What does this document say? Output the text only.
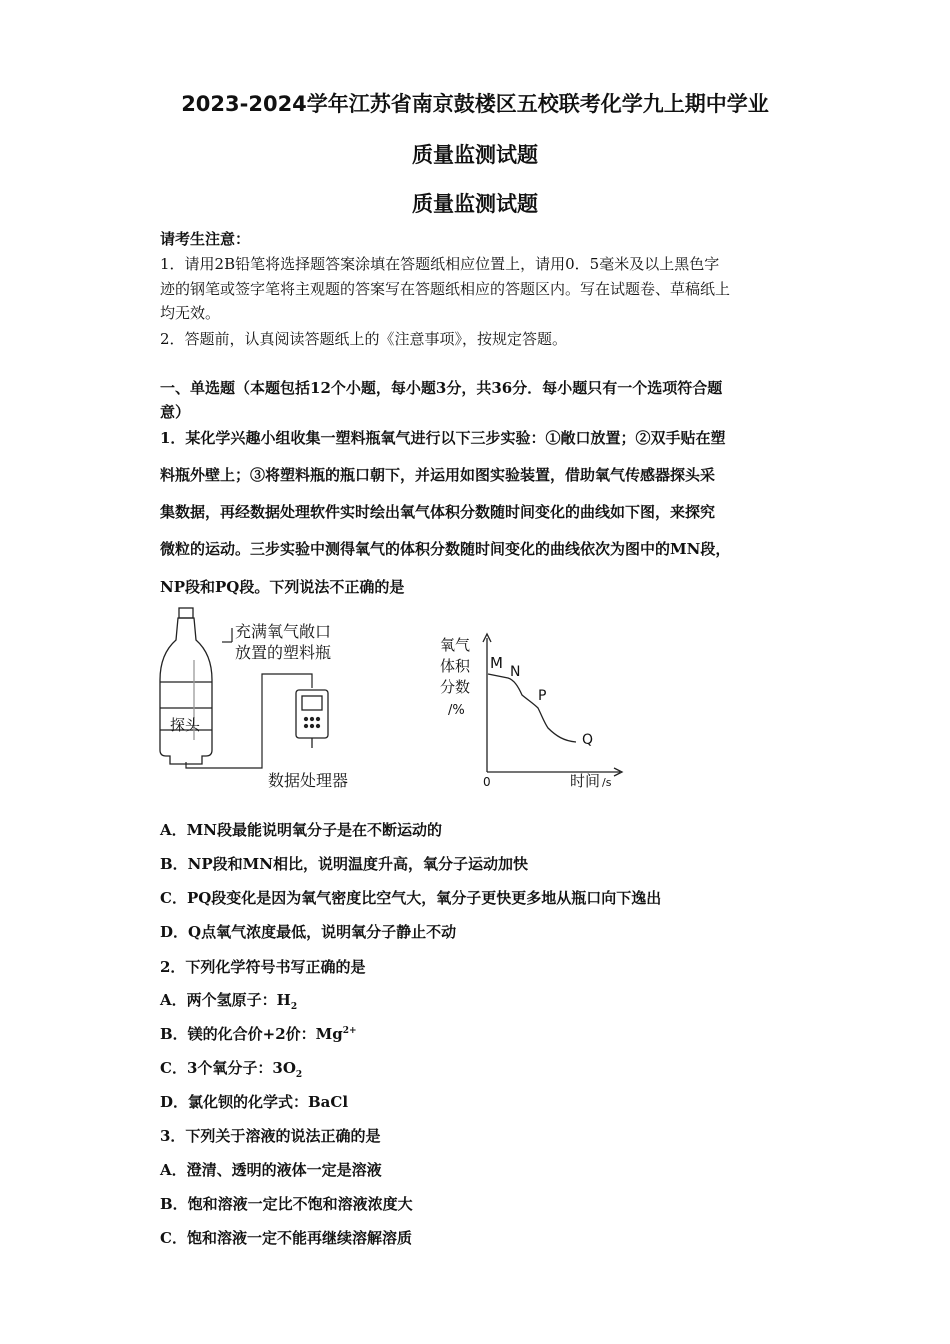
2023-2024学年江苏省南京鼓楼区五校联考化学九上期中学业
质量监测试题
质量监测试题
请考生注意：
1．请用2B铅笔将选择题答案涂填在答题纸相应位置上，请用0．5毫米及以上黑色字
迹的钢笔或签字笔将主观题的答案写在答题纸相应的答题区内。写在试题卷、草稿纸上
均无效。
2．答题前，认真阅读答题纸上的《注意事项》，按规定答题。
一、单选题（本题包括12个小题，每小题3分，共36分．每小题只有一个选项符合题
意）
1．某化学兴趣小组收集一塑料瓶氧气进行以下三步实验：①敞口放置；②双手贴在塑
料瓶外壁上；③将塑料瓶的瓶口朝下，并运用如图实验装置，借助氧气传感器探头采
集数据，再经数据处理软件实时绘出氧气体积分数随时间变化的曲线如下图，来探究
微粒的运动。三步实验中测得氧气的体积分数随时间变化的曲线依次为图中的MN段，
NP段和PQ段。下列说法不正确的是
充满氧气敞口
放置的塑料瓶
探头
数据处理器
氧气
体积
分数
/%
0	时间 /s
M N
P
Q
A．MN段最能说明氧分子是在不断运动的
B．NP段和MN相比，说明温度升高，氧分子运动加快
C．PQ段变化是因为氧气密度比空气大，氧分子更快更多地从瓶口向下逸出
D．Q点氧气浓度最低，说明氧分子静止不动
2．下列化学符号书写正确的是
A．两个氢原子：$H_2$
B．镁的化合价+2价：$Mg^{2+}$
C．3个氧分子：$3O_2$
D．氯化钡的化学式：BaCl
3．下列关于溶液的说法正确的是
A．澄清、透明的液体一定是溶液
B．饱和溶液一定比不饱和溶液浓度大
C．饱和溶液一定不能再继续溶解溶质
